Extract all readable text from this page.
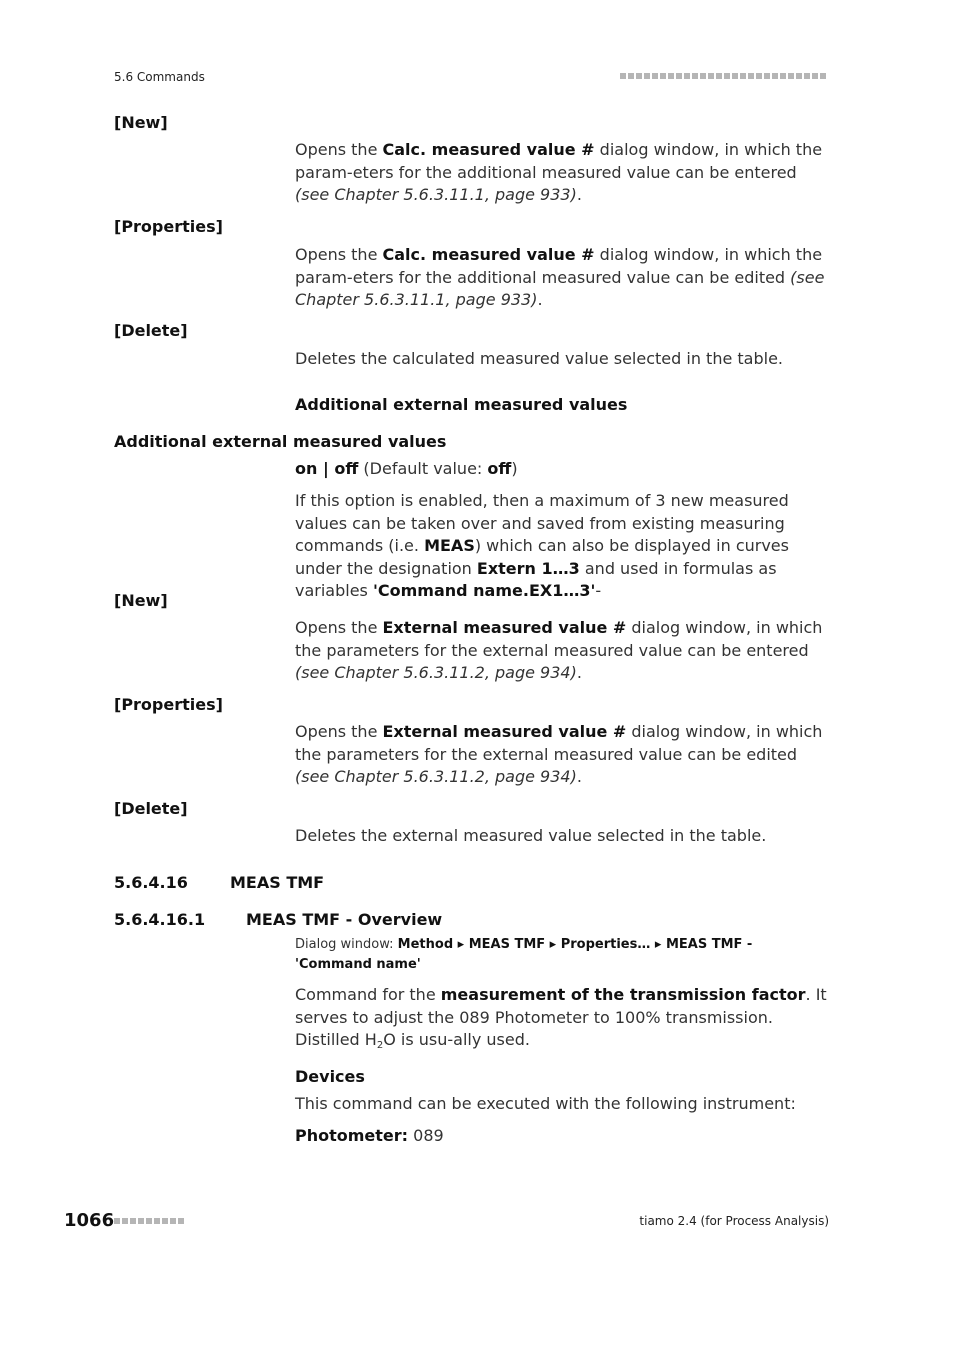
5.6 Commands
[New]
Opens the Calc. measured value # dialog window, in which the param-eters for the additional measured value can be entered (see Chapter 5.6.3.11.1, page 933).
[Properties]
Opens the Calc. measured value # dialog window, in which the param-eters for the additional measured value can be edited (see Chapter 5.6.3.11.1, page 933).
[Delete]
Deletes the calculated measured value selected in the table.
Additional external measured values
Additional external measured values
on | off (Default value: off)
If this option is enabled, then a maximum of 3 new measured values can be taken over and saved from existing measuring commands (i.e. MEAS) which can also be displayed in curves under the designation Extern 1…3 and used in formulas as variables 'Command name.EX1…3'-
[New]
Opens the External measured value # dialog window, in which the parameters for the external measured value can be entered (see Chapter 5.6.3.11.2, page 934).
[Properties]
Opens the External measured value # dialog window, in which the parameters for the external measured value can be edited (see Chapter 5.6.3.11.2, page 934).
[Delete]
Deletes the external measured value selected in the table.
5.6.4.16	MEAS TMF
5.6.4.16.1	MEAS TMF - Overview
Dialog window: Method ▸ MEAS TMF ▸ Properties… ▸ MEAS TMF - 'Command name'
Command for the measurement of the transmission factor. It serves to adjust the 089 Photometer to 100% transmission. Distilled $H_2O$ is usu-ally used.
Devices
This command can be executed with the following instrument:
Photometer: 089
1066	tiamo 2.4 (for Process Analysis)
